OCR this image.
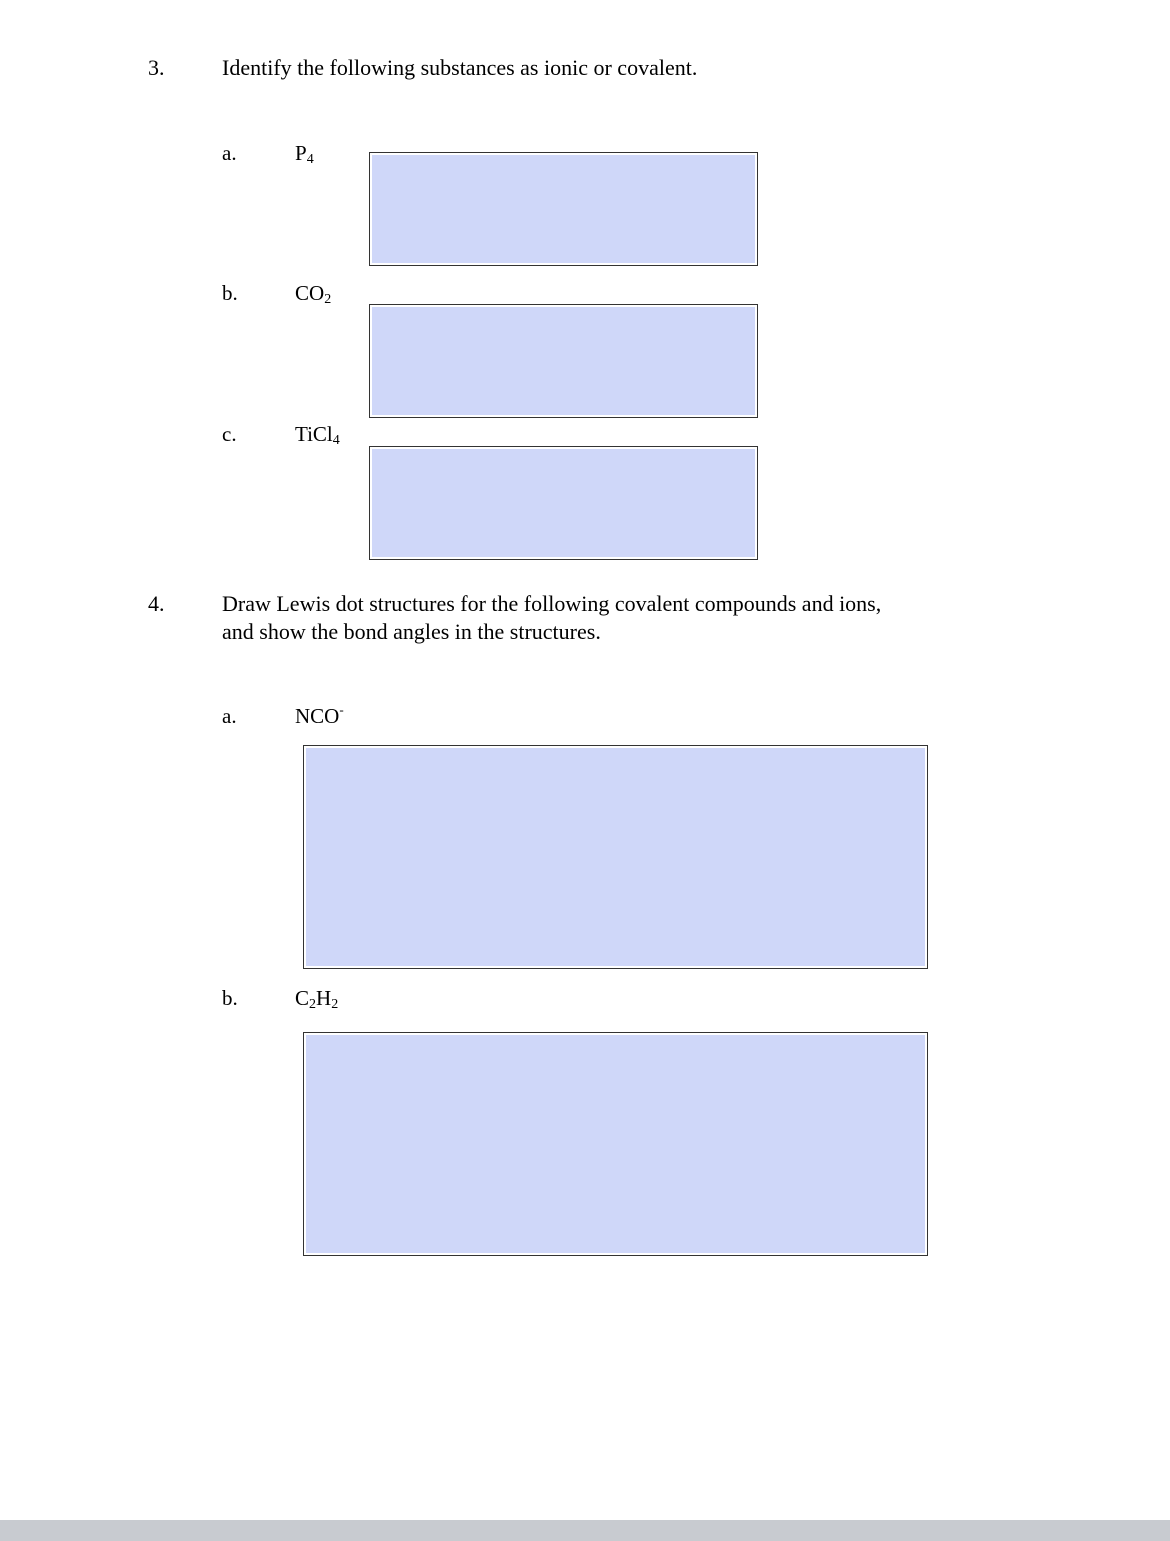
3.	Identify the following substances as ionic or covalent.
a.	$P_4$
b.	$CO_2$
c.	TiCl$_4$
4.	Draw Lewis dot structures for the following covalent compounds and ions,
and show the bond angles in the structures.
a.	NCO-
b.	$C_2H_2$
